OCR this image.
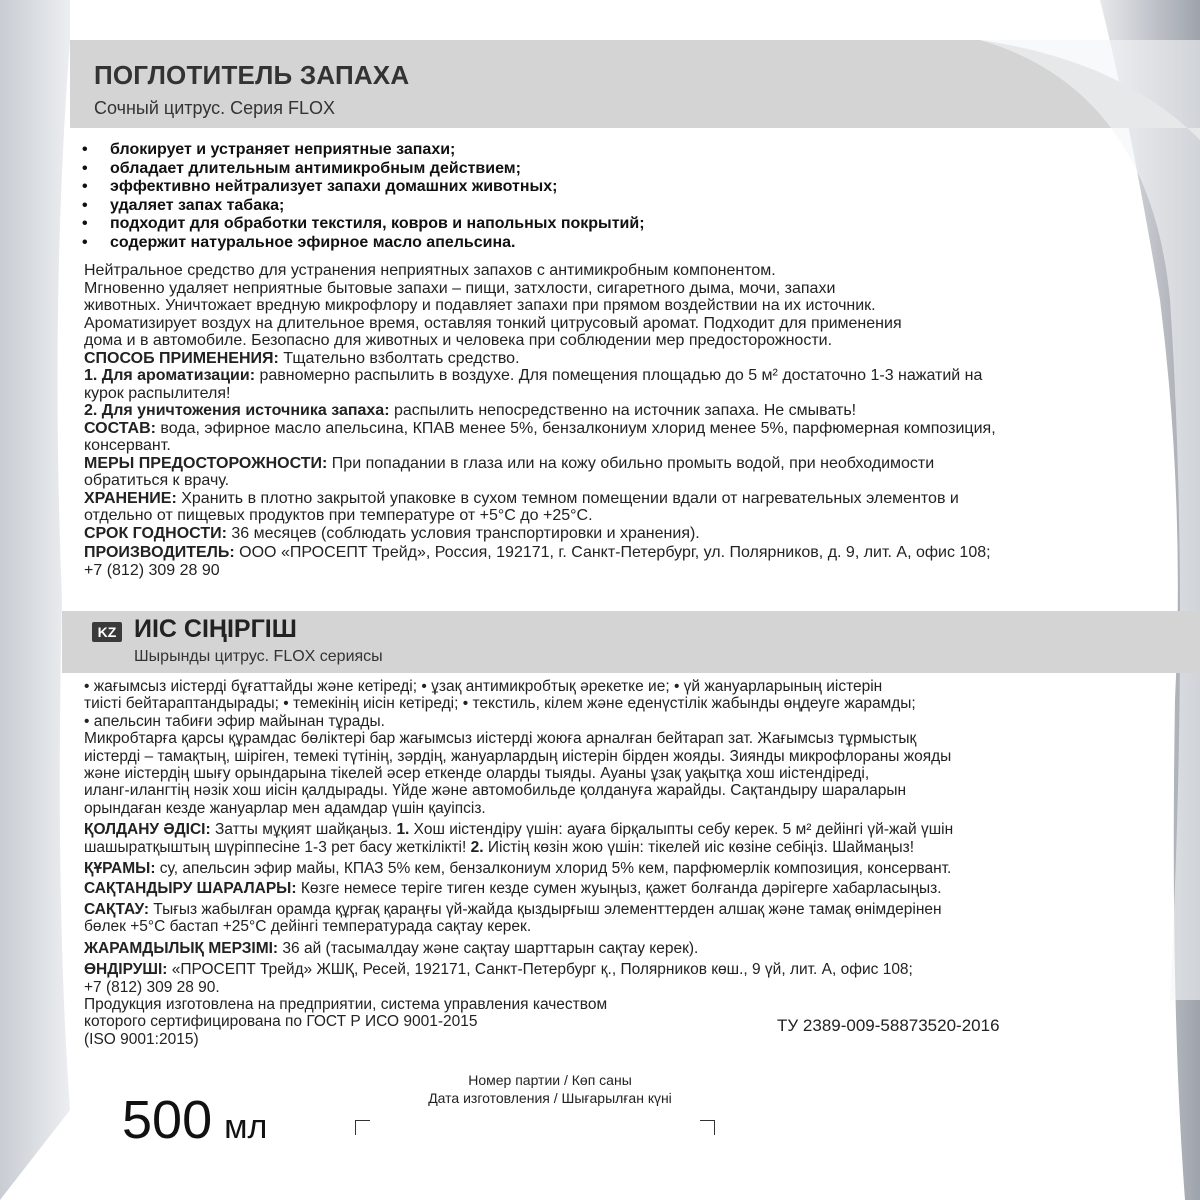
ПОГЛОТИТЕЛЬ ЗАПАХА
Сочный цитрус. Серия FLOX
• блокирует и устраняет неприятные запахи;
• обладает длительным антимикробным действием;
• эффективно нейтрализует запахи домашних животных;
• удаляет запах табака;
• подходит для обработки текстиля, ковров и напольных покрытий;
• содержит натуральное эфирное масло апельсина.

Нейтральное средство для устранения неприятных запахов с антимикробным компонентом.

Мгновенно удаляет неприятные бытовые запахи – пищи, затхлости, сигаретного дыма, мочи, запахи

животных. Уничтожает вредную микрофлору и подавляет запахи при прямом воздействии на их источник.

Ароматизирует воздух на длительное время, оставляя тонкий цитрусовый аромат. Подходит для применения

дома и в автомобиле. Безопасно для животных и человека при соблюдении мер предосторожности.

СПОСОБ ПРИМЕНЕНИЯ: Тщательно взболтать средство.

1. Для ароматизации: равномерно распылить в воздухе. Для помещения площадью до 5 м² достаточно 1-3 нажатий на

курок распылителя!

2. Для уничтожения источника запаха: распылить непосредственно на источник запаха. Не смывать!

СОСТАВ: вода, эфирное масло апельсина, КПАВ менее 5%, бензалкониум хлорид менее 5%, парфюмерная композиция,

консервант.

МЕРЫ ПРЕДОСТОРОЖНОСТИ: При попадании в глаза или на кожу обильно промыть водой, при необходимости

обратиться к врачу.

ХРАНЕНИЕ: Хранить в плотно закрытой упаковке в сухом темном помещении вдали от нагревательных элементов и

отдельно от пищевых продуктов при температуре от +5°С до +25°С.

СРОК ГОДНОСТИ: 36 месяцев (соблюдать условия транспортировки и хранения).

ПРОИЗВОДИТЕЛЬ: ООО «ПРОСЕПТ Трейд», Россия, 192171, г. Санкт-Петербург, ул. Полярников, д. 9, лит. А, офис 108;

+7 (812) 309 28 90

KZ ИІС СІҢІРГІШ
Шырынды цитрус. FLOX сериясы

• жағымсыз иістерді бұғаттайды және кетіреді; • ұзақ антимикробтық әрекетке ие; • үй жануарларының иістерін

тиісті бейтараптандырады; • темекінің иісін кетіреді; • текстиль, кілем және еденүстілік жабынды өңдеуге жарамды;

• апельсин табиғи эфир майынан тұрады.

Микробтарға қарсы құрамдас бөліктері бар жағымсыз иістерді жоюға арналған бейтарап зат. Жағымсыз тұрмыстық

иістерді – тамақтың, шіріген, темекі түтінің, зәрдің, жануарлардың иістерін бірден жояды. Зиянды микрофлораны жояды

және иістердің шығу орындарына тікелей әсер еткенде оларды тыяды. Ауаны ұзақ уақытқа хош иістендіреді,

иланг-илангтің нәзік хош иісін қалдырады. Үйде және автомобильде қолдануға жарайды. Сақтандыру шараларын

орындаған кезде жануарлар мен адамдар үшін қауіпсіз.

ҚОЛДАНУ ӘДІСІ: Затты мұқият шайқаңыз. 1. Хош иістендіру үшін: ауаға бірқалыпты себу керек. 5 м² дейінгі үй-жай үшін

шашыратқыштың шүріппесіне 1-3 рет басу жеткілікті! 2. Иістің көзін жою үшін: тікелей иіс көзіне себіңіз. Шаймаңыз!

ҚҰРАМЫ: су, апельсин эфир майы, КПАЗ 5% кем, бензалкониум хлорид 5% кем, парфюмерлік композиция, консервант.

САҚТАНДЫРУ ШАРАЛАРЫ: Көзге немесе теріге тиген кезде сумен жуыңыз, қажет болғанда дәрігерге хабарласыңыз.

САҚТАУ: Тығыз жабылған орамда құрғақ қараңғы үй-жайда қыздырғыш элементтерден алшақ және тамақ өнімдерінен

бөлек +5°С бастап +25°С дейінгі температурада сақтау керек.

ЖАРАМДЫЛЫҚ МЕРЗІМІ: 36 ай (тасымалдау және сақтау шарттарын сақтау керек).

ӨНДІРУШІ: «ПРОСЕПТ Трейд» ЖШҚ, Ресей, 192171, Санкт-Петербург қ., Полярников көш., 9 үй, лит. А, офис 108;

+7 (812) 309 28 90.

Продукция изготовлена на предприятии, система управления качеством

которого сертифицирована по ГОСТ Р ИСО 9001-2015

(ISO 9001:2015)

ТУ 2389-009-58873520-2016
500 мл
Номер партии / Көп саны
Дата изготовления / Шығарылған күні
